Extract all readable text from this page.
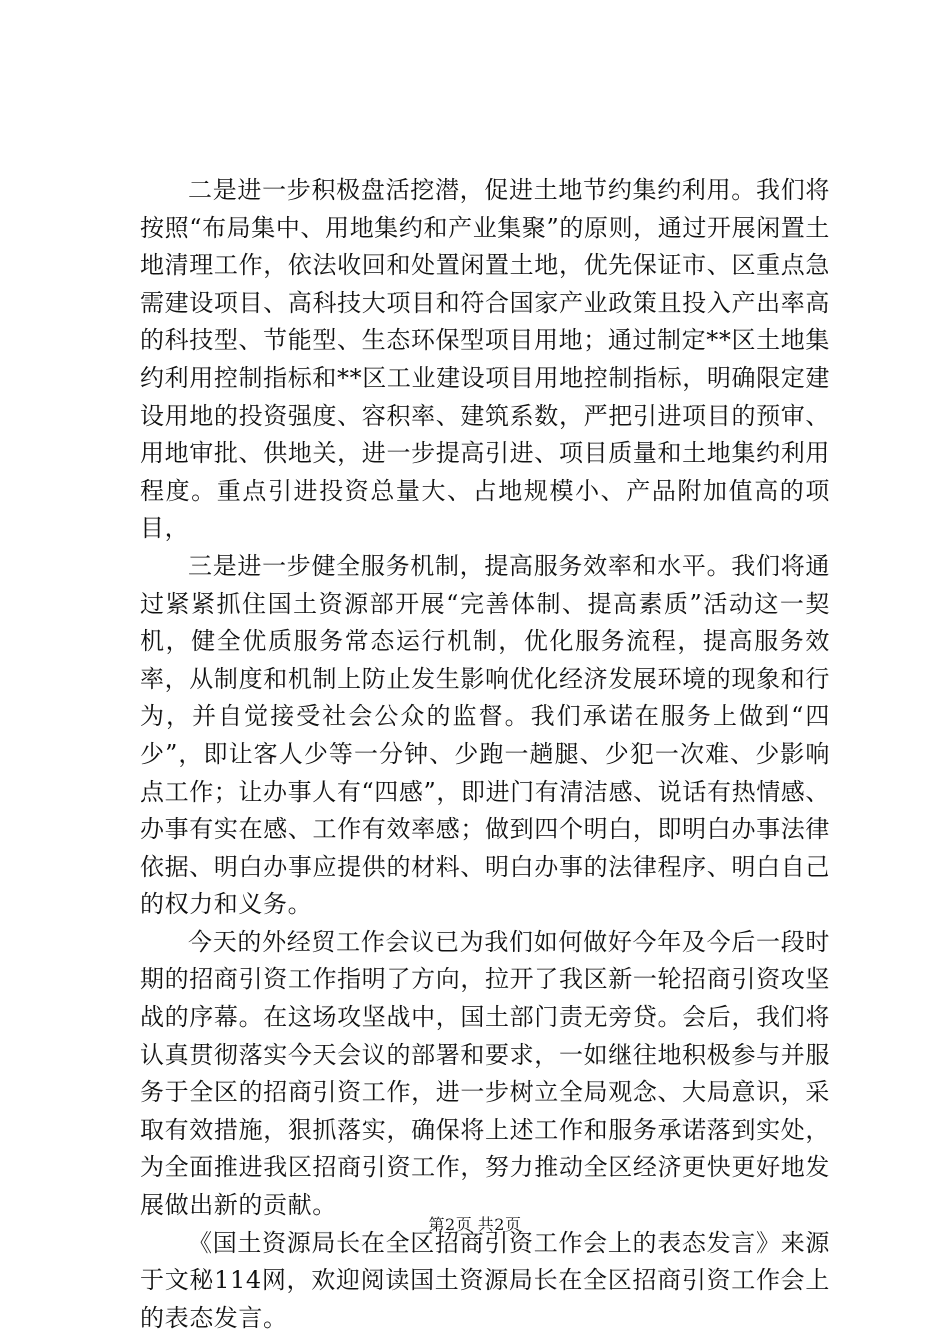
二是进一步积极盘活挖潜，促进土地节约集约利用。我们将按照“布局集中、用地集约和产业集聚”的原则，通过开展闲置土地清理工作，依法收回和处置闲置土地，优先保证市、区重点急需建设项目、高科技大项目和符合国家产业政策且投入产出率高的科技型、节能型、生态环保型项目用地；通过制定**区土地集约利用控制指标和**区工业建设项目用地控制指标，明确限定建设用地的投资强度、容积率、建筑系数，严把引进项目的预审、用地审批、供地关，进一步提高引进、项目质量和土地集约利用程度。重点引进投资总量大、占地规模小、产品附加值高的项目，

三是进一步健全服务机制，提高服务效率和水平。我们将通过紧紧抓住国土资源部开展“完善体制、提高素质”活动这一契机，健全优质服务常态运行机制，优化服务流程，提高服务效率，从制度和机制上防止发生影响优化经济发展环境的现象和行为，并自觉接受社会公众的监督。我们承诺在服务上做到“四少”，即让客人少等一分钟、少跑一趟腿、少犯一次难、少影响点工作；让办事人有“四感”，即进门有清洁感、说话有热情感、办事有实在感、工作有效率感；做到四个明白，即明白办事法律依据、明白办事应提供的材料、明白办事的法律程序、明白自己的权力和义务。

今天的外经贸工作会议已为我们如何做好今年及今后一段时期的招商引资工作指明了方向，拉开了我区新一轮招商引资攻坚战的序幕。在这场攻坚战中，国土部门责无旁贷。会后，我们将认真贯彻落实今天会议的部署和要求，一如继往地积极参与并服务于全区的招商引资工作，进一步树立全局观念、大局意识，采取有效措施，狠抓落实，确保将上述工作和服务承诺落到实处，为全面推进我区招商引资工作，努力推动全区经济更快更好地发展做出新的贡献。

《国土资源局长在全区招商引资工作会上的表态发言》来源于文秘114网，欢迎阅读国土资源局长在全区招商引资工作会上的表态发言。

第2页 共2页
